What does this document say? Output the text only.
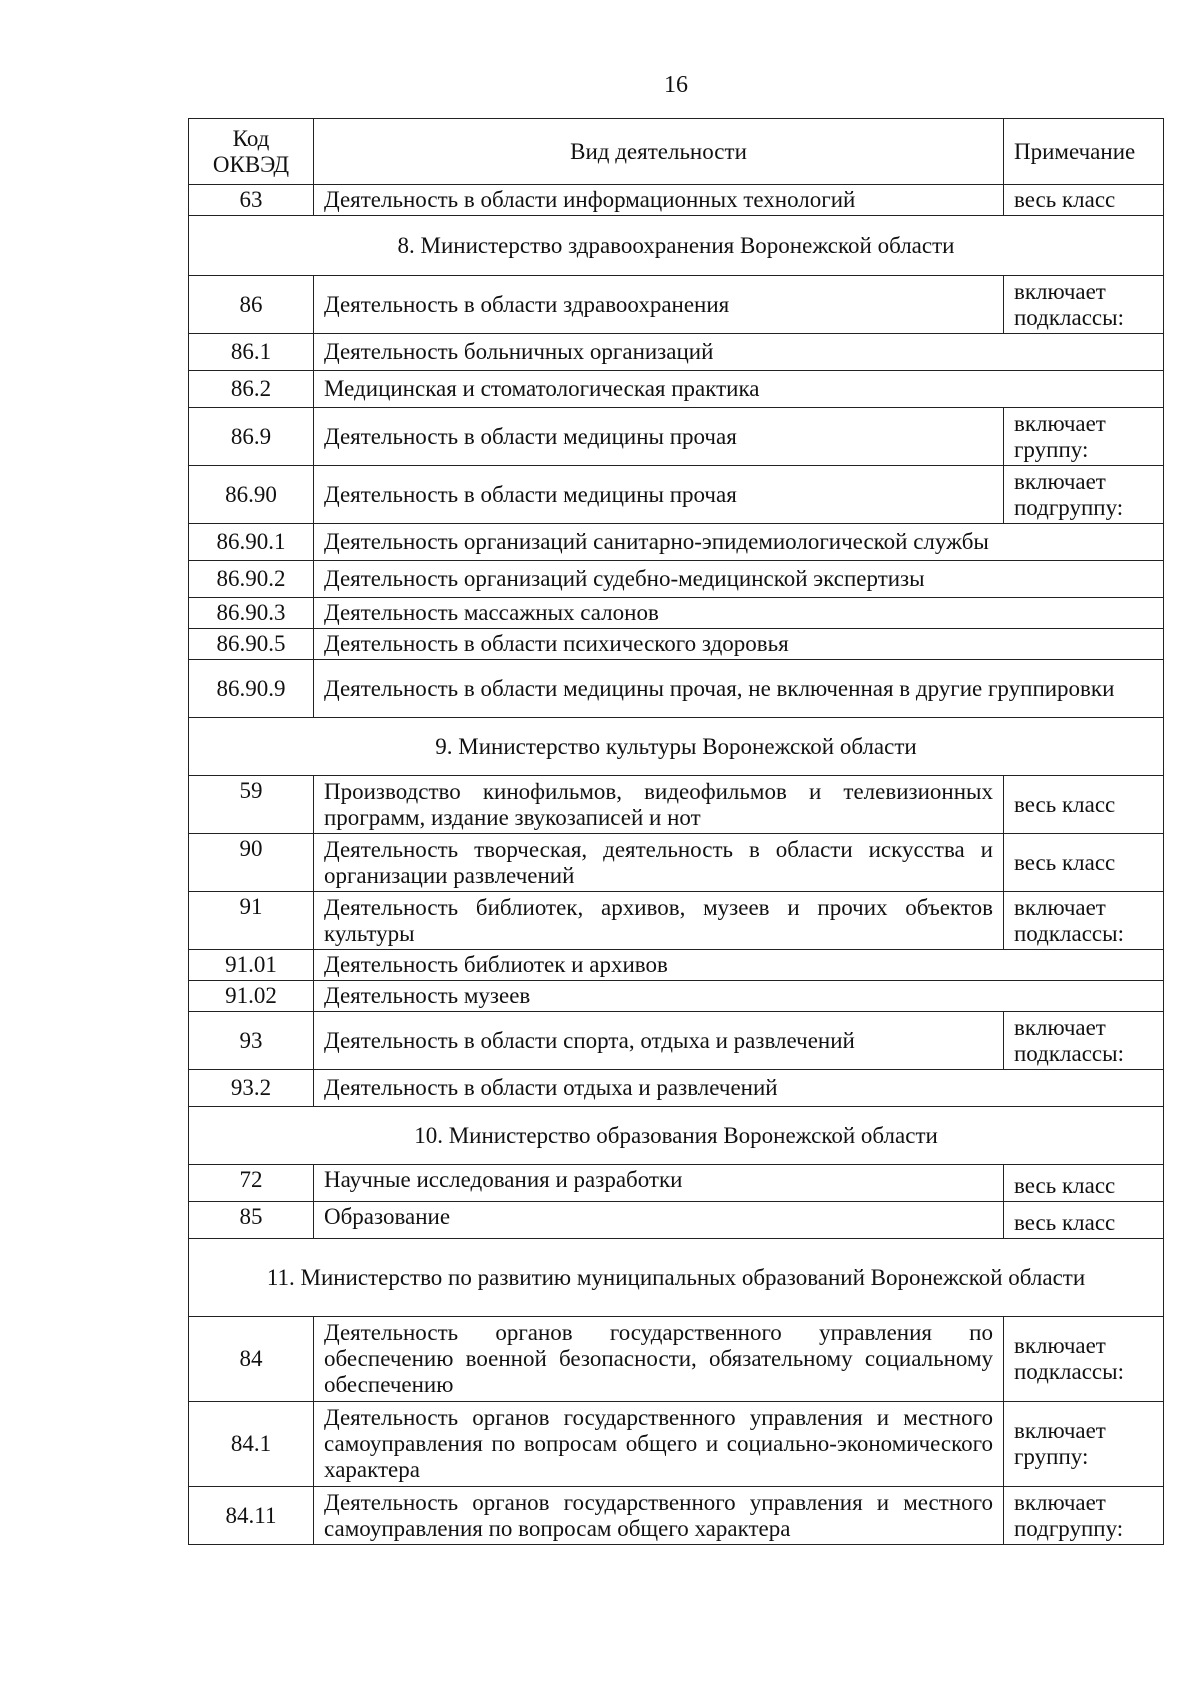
16
Код ОКВЭД	Вид деятельности	Примечание
63	Деятельность в области информационных технологий	весь класс
8. Министерство здравоохранения Воронежской области		
86	Деятельность в области здравоохранения	включает подклассы:
86.1	Деятельность больничных организаций	
86.2	Медицинская и стоматологическая практика	
86.9	Деятельность в области медицины прочая	включает группу:
86.90	Деятельность в области медицины прочая	включает подгруппу:
86.90.1	Деятельность организаций санитарно-эпидемиологической службы	
86.90.2	Деятельность организаций судебно-медицинской экспертизы	
86.90.3	Деятельность массажных салонов	
86.90.5	Деятельность в области психического здоровья	
86.90.9	Деятельность в области медицины прочая, не включенная в другие группировки	
9. Министерство культуры Воронежской области		
59	Производство кинофильмов, видеофильмов и телевизионных программ, издание звукозаписей и нот	весь класс
90	Деятельность творческая, деятельность в области искусства и организации развлечений	весь класс
91	Деятельность библиотек, архивов, музеев и прочих объектов культуры	включает подклассы:
91.01	Деятельность библиотек и архивов	
91.02	Деятельность музеев	
93	Деятельность в области спорта, отдыха и развлечений	включает подклассы:
93.2	Деятельность в области отдыха и развлечений	
10. Министерство образования Воронежской области		
72	Научные исследования и разработки	весь класс
85	Образование	весь класс
11. Министерство по развитию муниципальных образований Воронежской области		
84	Деятельность органов государственного управления по обеспечению военной безопасности, обязательному социальному обеспечению	включает подклассы:
84.1	Деятельность органов государственного управления и местного самоуправления по вопросам общего и социально-экономического характера	включает группу:
84.11	Деятельность органов государственного управления и местного самоуправления по вопросам общего характера	включает подгруппу:
